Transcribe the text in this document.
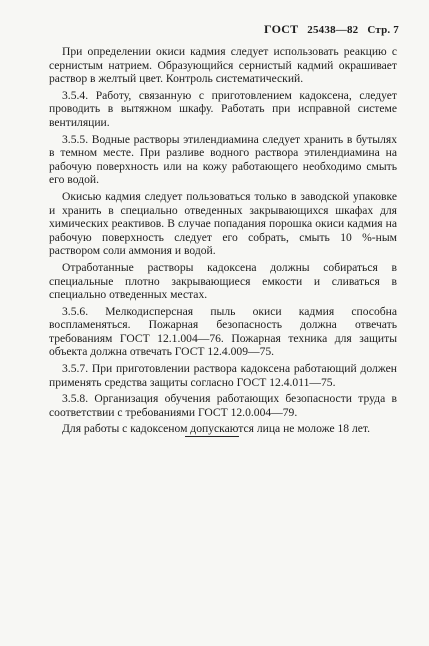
ГОСТ 25438—82 Стр. 7

При определении окиси кадмия следует использовать реакцию с сернистым натрием. Образующийся сернистый кадмий окрашивает раствор в желтый цвет. Контроль систематический.

3.5.4. Работу, связанную с приготовлением кадоксена, следует проводить в вытяжном шкафу. Работать при исправной системе вентиляции.

3.5.5. Водные растворы этилендиамина следует хранить в бутылях в темном месте. При разливе водного раствора этилендиамина на рабочую поверхность или на кожу работающего необходимо смыть его водой.

Окисью кадмия следует пользоваться только в заводской упаковке и хранить в специально отведенных закрывающихся шкафах для химических реактивов. В случае попадания порошка окиси кадмия на рабочую поверхность следует его собрать, смыть 10 %-ным раствором соли аммония и водой.

Отработанные растворы кадоксена должны собираться в специальные плотно закрывающиеся емкости и сливаться в специально отведенных местах.

3.5.6. Мелкодисперсная пыль окиси кадмия способна воспламеняться. Пожарная безопасность должна отвечать требованиям ГОСТ 12.1.004—76. Пожарная техника для защиты объекта должна отвечать ГОСТ 12.4.009—75.

3.5.7. При приготовлении раствора кадоксена работающий должен применять средства защиты согласно ГОСТ 12.4.011—75.

3.5.8. Организация обучения работающих безопасности труда в соответствии с требованиями ГОСТ 12.0.004—79.

Для работы с кадоксеном допускаются лица не моложе 18 лет.
